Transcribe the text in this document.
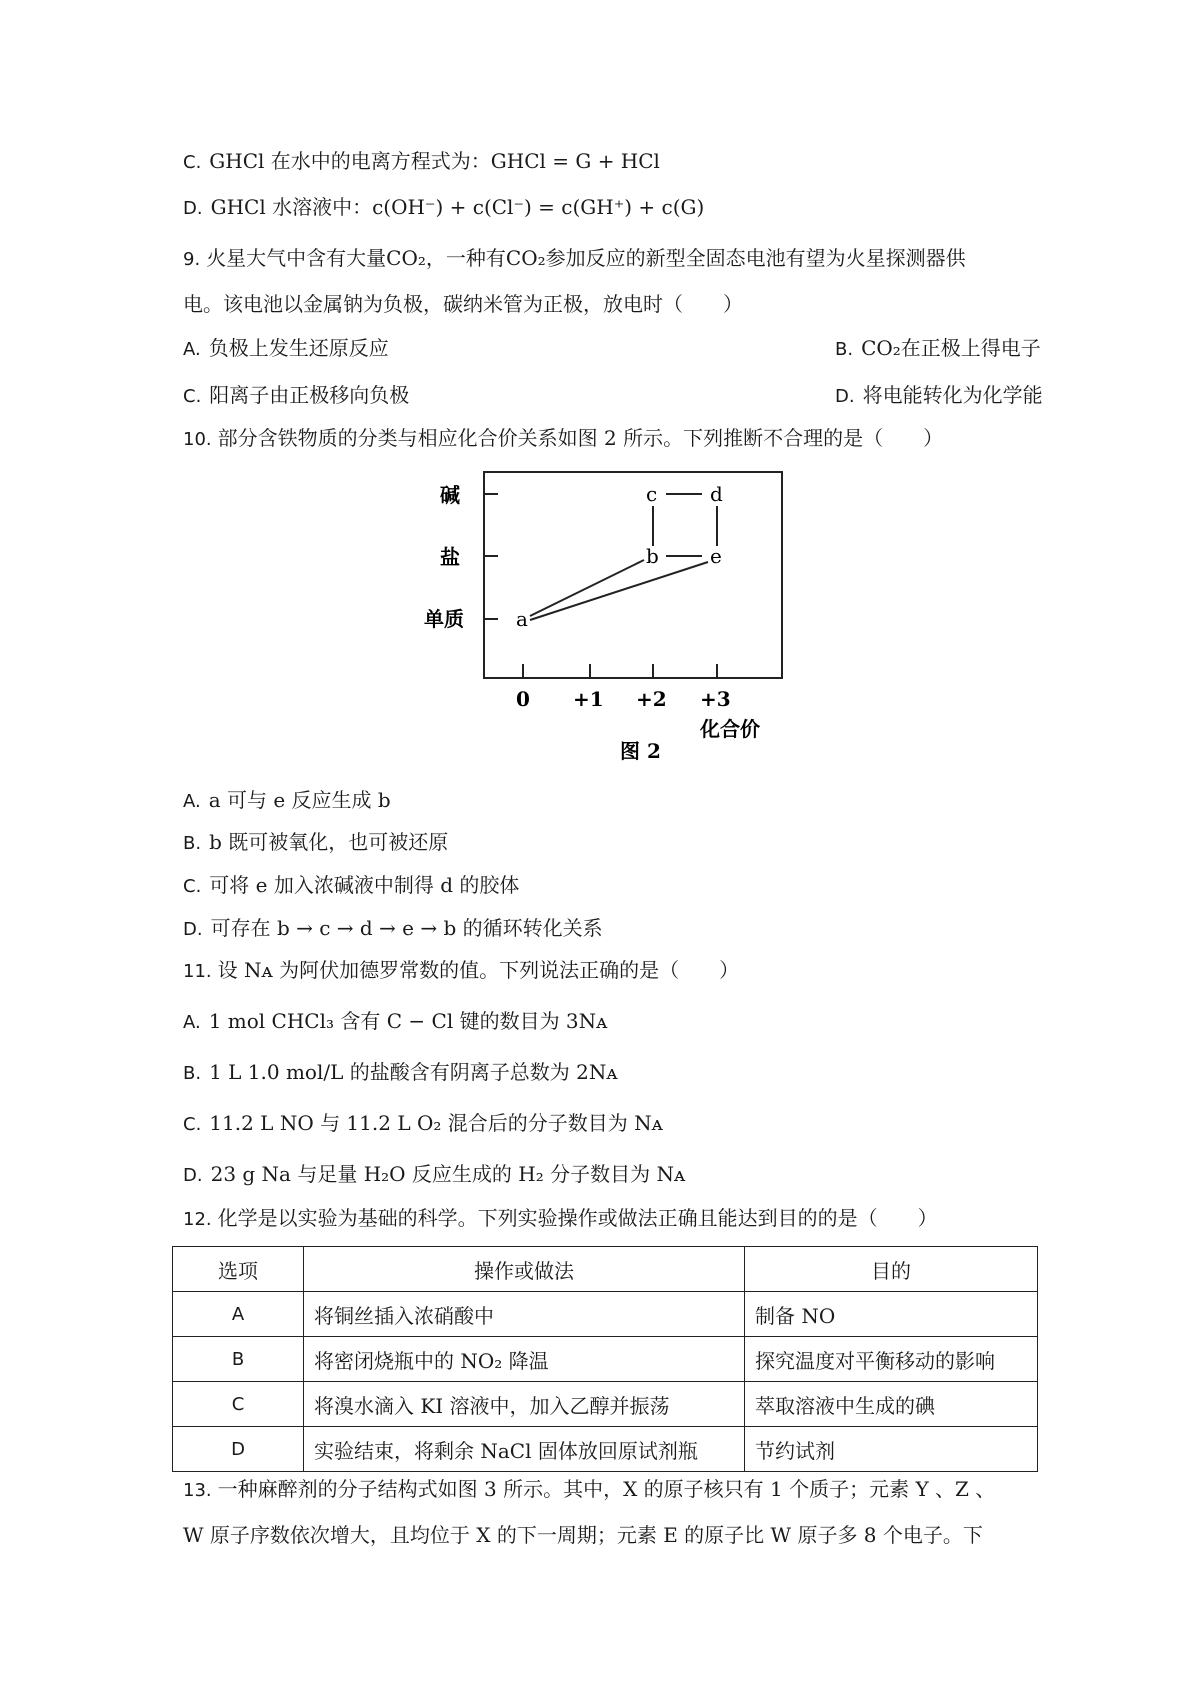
C. GHCl 在水中的电离方程式为：GHCl = G + HCl
D. GHCl 水溶液中：c(OH⁻) + c(Cl⁻) = c(GH⁺) + c(G)
9. 火星大气中含有大量CO₂，一种有CO₂参加反应的新型全固态电池有望为火星探测器供
电。该电池以金属钠为负极，碳纳米管为正极，放电时（　　）
A. 负极上发生还原反应	B. CO₂在正极上得电子
C. 阳离子由正极移向负极	D. 将电能转化为化学能
10. 部分含铁物质的分类与相应化合价关系如图 2 所示。下列推断不合理的是（　　）
碱
盐
单质
0 +1 +2 +3
化合价
图 2
a
b
c	d
e
A. a 可与 e 反应生成 b
B. b 既可被氧化，也可被还原
C. 可将 e 加入浓碱液中制得 d 的胶体
D. 可存在 b → c → d → e → b 的循环转化关系
11. 设 Nᴀ 为阿伏加德罗常数的值。下列说法正确的是（　　）
A. 1 mol CHCl₃ 含有 C − Cl 键的数目为 3Nᴀ
B. 1 L 1.0 mol/L 的盐酸含有阴离子总数为 2Nᴀ
C. 11.2 L NO 与 11.2 L O₂ 混合后的分子数目为 Nᴀ
D. 23 g Na 与足量 H₂O 反应生成的 H₂ 分子数目为 Nᴀ
12. 化学是以实验为基础的科学。下列实验操作或做法正确且能达到目的的是（　　）
选项	操作或做法	目的
A	将铜丝插入浓硝酸中	制备 NO
B	将密闭烧瓶中的 NO₂ 降温	探究温度对平衡移动的影响
C	将溴水滴入 KI 溶液中，加入乙醇并振荡	萃取溶液中生成的碘
D	实验结束，将剩余 NaCl 固体放回原试剂瓶	节约试剂
13. 一种麻醉剂的分子结构式如图 3 所示。其中，X 的原子核只有 1 个质子；元素 Y 、Z 、
W 原子序数依次增大，且均位于 X 的下一周期；元素 E 的原子比 W 原子多 8 个电子。下
